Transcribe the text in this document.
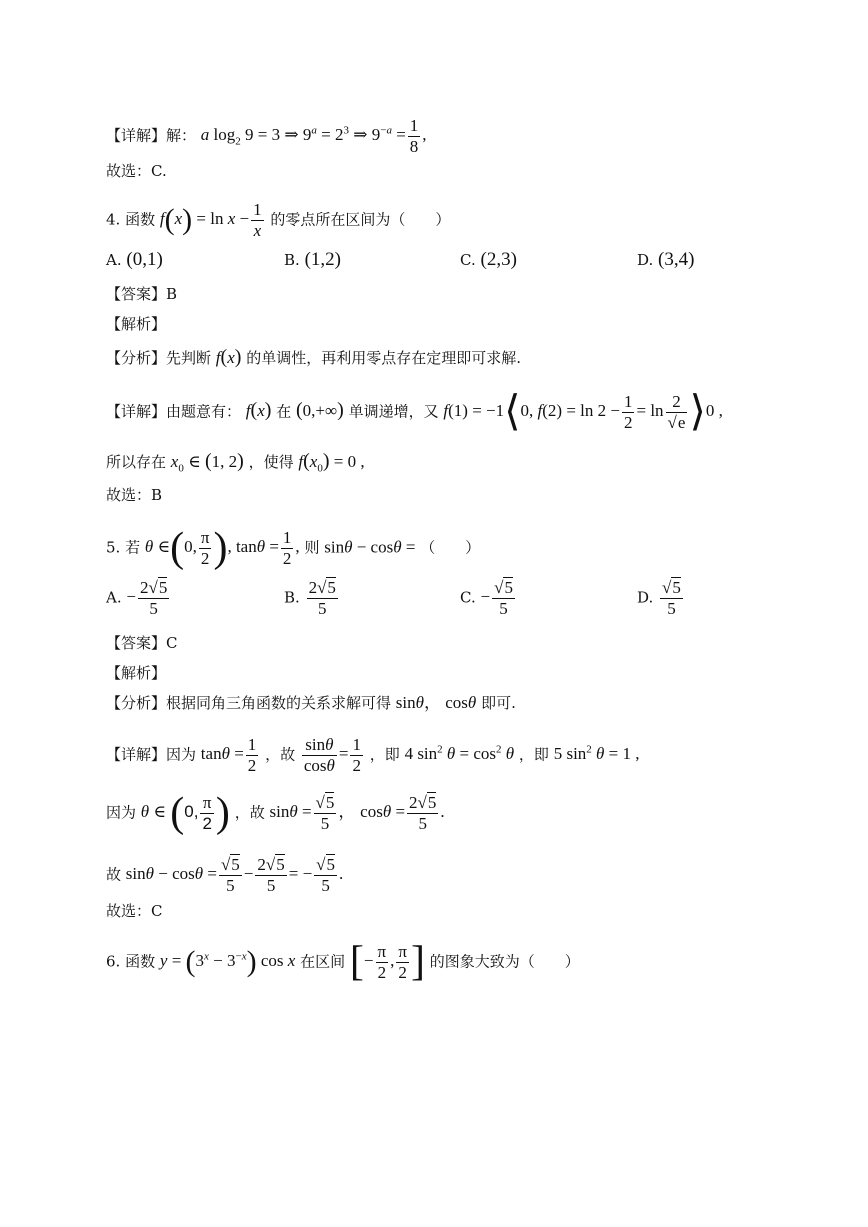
【详解】解： a $\log_2 9 = 3$ ⇒ $9^a = 2^3$ ⇒ $9^{-a} = \frac{1}{8}$ ,
故选：C.
4. 函数 $f(x) = \ln x - \frac{1}{x}$ 的零点所在区间为（　　）
A. (0,1)	B. (1,2)	C. (2,3)	D. (3,4)
【答案】B
【解析】
【分析】先判断 f(x) 的单调性，再利用零点存在定理即可求解.
【详解】由题意有： f(x) 在 (0,+∞) 单调递增，又 f(1) = −1⟨0, $f(2) = \ln 2 - \frac{1}{2} = \ln \frac{2}{√e}$ ⟩0 ,
所以存在 $x_0$ ∈ (1, 2) ，使得 $f(x_0) = 0$ ,
故选：B
5. 若 θ ∈(0, $\frac{\pi}{2}$ ), $\tan\theta = \frac{1}{2}$ , 则 sinθ − cosθ = （　　）
A. − $\frac{2√5}{5}$	B. $\frac{2√5}{5}$	C. − $\frac{√5}{5}$	D. $\frac{√5}{5}$
【答案】C
【解析】
【分析】根据同角三角函数的关系求解可得 sinθ， cosθ 即可.
【详解】因为 $\tan\theta = \frac{1}{2}$ ，故 $\frac{\sin\theta}{\cos\theta} = \frac{1}{2}$ ，即 4 $\sin^2 \theta = \cos^2 \theta$ ，即 5 $\sin^2 \theta = 1$ ,
因为 θ ∈ (0, $\frac{\pi}{2}$ ) ，故 $\sin\theta = \frac{√5}{5}$ ， $\cos\theta = \frac{2√5}{5}$ .
故 $\sin\theta - \cos\theta = \frac{√5}{5} - \frac{2√5}{5}$ = − $\frac{√5}{5}$ .
故选：C
6. 函数 $y = (3^x - 3^{-x})$ cos x 在区间 [− $\frac{\pi}{2}$ , $\frac{\pi}{2}$ ] 的图象大致为（　　）
